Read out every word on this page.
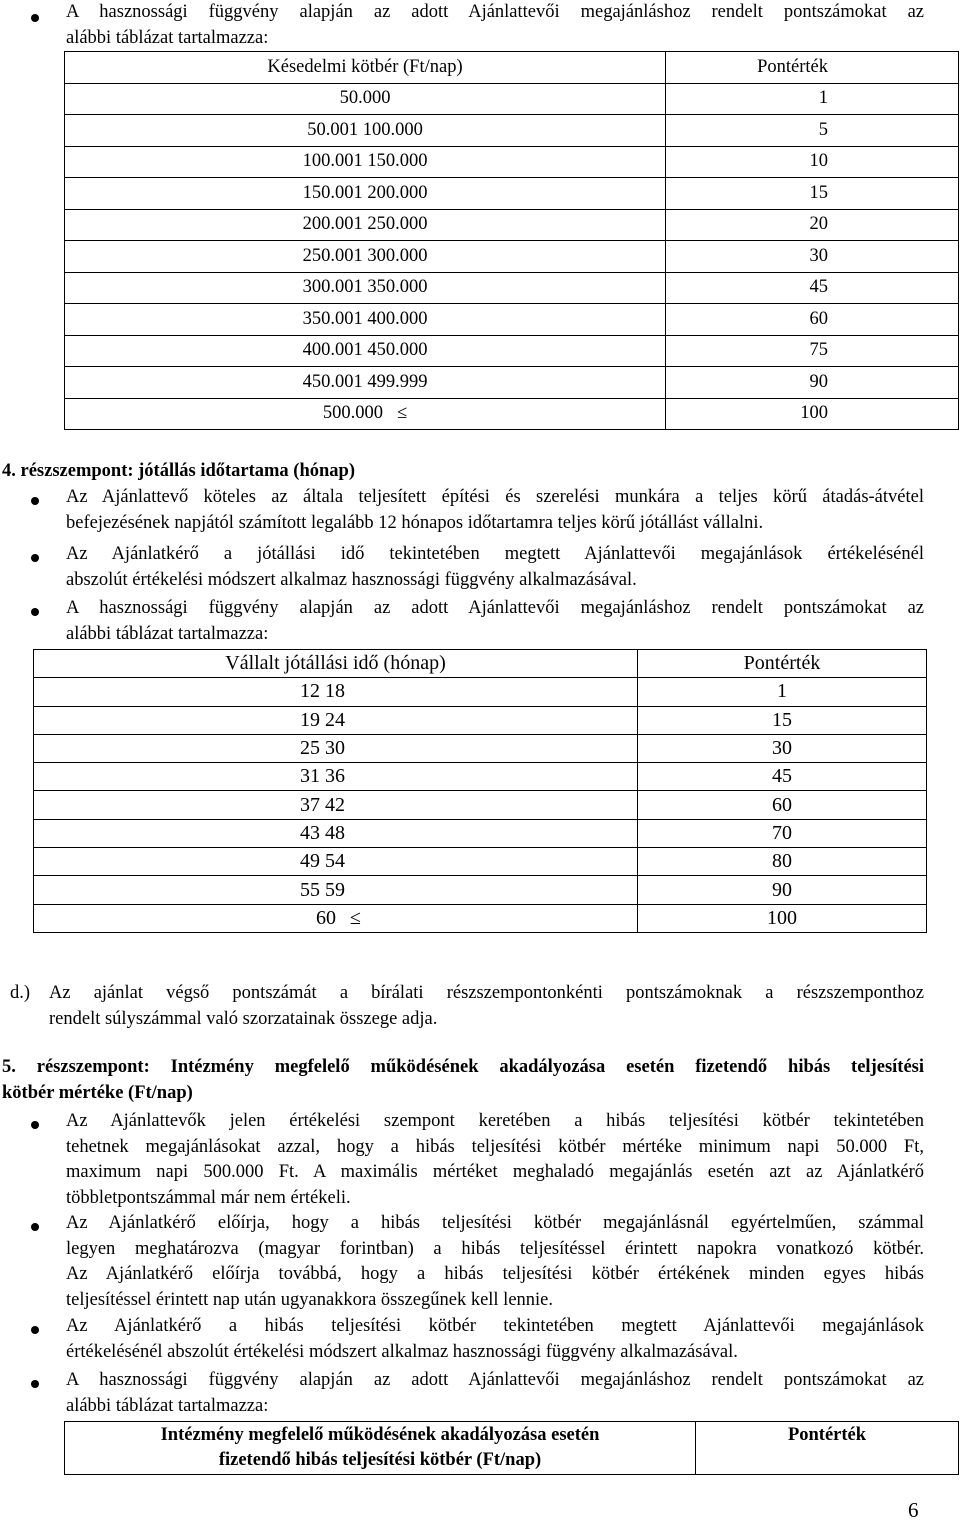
A hasznossági függvény alapján az adott Ajánlattevői megajánláshoz rendelt pontszámokat az
alábbi táblázat tartalmazza:
Késedelmi kötbér (Ft/nap)	Pontérték
50.000	1
50.001 100.000	5
100.001 150.000	10
150.001 200.000	15
200.001 250.000	20
250.001 300.000	30
300.001 350.000	45
350.001 400.000	60
400.001 450.000	75
450.001 499.999	90
500.000 ≤	100
4. részszempont: jótállás időtartama (hónap)
Az Ajánlattevő köteles az általa teljesített építési és szerelési munkára a teljes körű átadás-átvétel
befejezésének napjától számított legalább 12 hónapos időtartamra teljes körű jótállást vállalni.
Az Ajánlatkérő a jótállási idő tekintetében megtett Ajánlattevői megajánlások értékelésénél
abszolút értékelési módszert alkalmaz hasznossági függvény alkalmazásával.
A hasznossági függvény alapján az adott Ajánlattevői megajánláshoz rendelt pontszámokat az
alábbi táblázat tartalmazza:
Vállalt jótállási idő (hónap)	Pontérték
12 18	1
19 24	15
25 30	30
31 36	45
37 42	60
43 48	70
49 54	80
55 59	90
60 ≤	100
d.) Az ajánlat végső pontszámát a bírálati részszempontonkénti pontszámoknak a részszemponthoz
rendelt súlyszámmal való szorzatainak összege adja.
5. részszempont: Intézmény megfelelő működésének akadályozása esetén fizetendő hibás teljesítési
kötbér mértéke (Ft/nap)
Az Ajánlattevők jelen értékelési szempont keretében a hibás teljesítési kötbér tekintetében
tehetnek megajánlásokat azzal, hogy a hibás teljesítési kötbér mértéke minimum napi 50.000 Ft,
maximum napi 500.000 Ft. A maximális mértéket meghaladó megajánlás esetén azt az Ajánlatkérő
többletpontszámmal már nem értékeli.
Az Ajánlatkérő előírja, hogy a hibás teljesítési kötbér megajánlásnál egyértelműen, számmal
legyen meghatározva (magyar forintban) a hibás teljesítéssel érintett napokra vonatkozó kötbér.
Az Ajánlatkérő előírja továbbá, hogy a hibás teljesítési kötbér értékének minden egyes hibás
teljesítéssel érintett nap után ugyanakkora összegűnek kell lennie.
Az Ajánlatkérő a hibás teljesítési kötbér tekintetében megtett Ajánlattevői megajánlások
értékelésénél abszolút értékelési módszert alkalmaz hasznossági függvény alkalmazásával.
A hasznossági függvény alapján az adott Ajánlattevői megajánláshoz rendelt pontszámokat az
alábbi táblázat tartalmazza:
Intézmény megfelelő működésének akadályozása esetén
fizetendő hibás teljesítési kötbér (Ft/nap)	Pontérték
6
